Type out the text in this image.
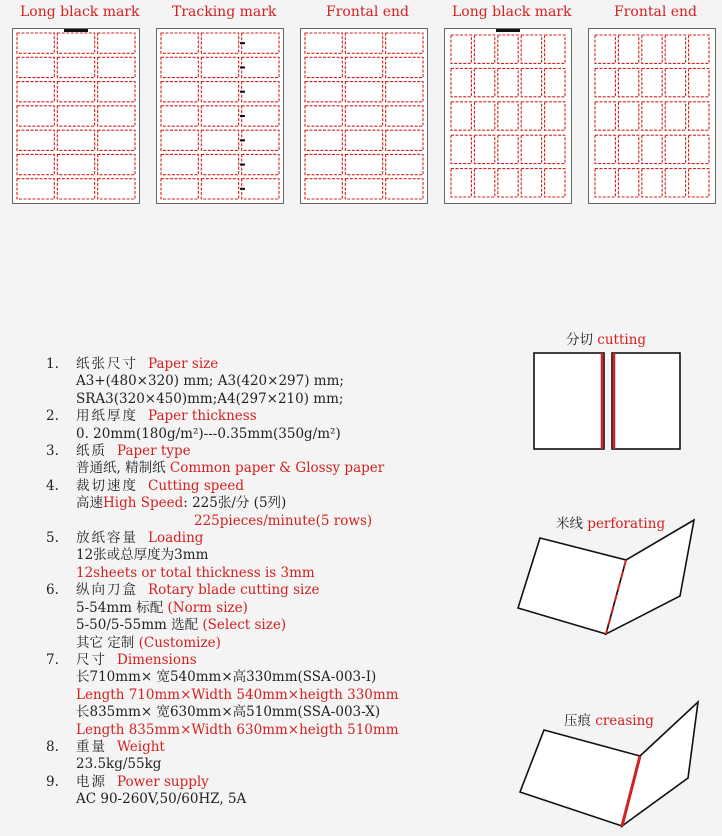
Long black mark Tracking mark	Frontal end	Long black mark	Frontal end
1.	纸张尺寸 Paper size
A3+(480×320) mm; A3(420×297) mm;
SRA3(320×450)mm;A4(297×210) mm;
2.	用纸厚度 Paper thickness
0. 20mm(180g/m²)---0.35mm(350g/m²)
3.	纸质 Paper type
普通纸, 精制纸 Common paper & Glossy paper
4.	裁切速度 Cutting speed
高速High Speed: 225张/分 (5列)
225pieces/minute(5 rows)
5.	放纸容量 Loading
12张或总厚度为3mm
12sheets or total thickness is 3mm
6.	纵向刀盒 Rotary blade cutting size
5-54mm 标配 (Norm size)
5-50/5-55mm 选配 (Select size)
其它 定制 (Customize)
7.	尺寸 Dimensions
长710mm× 宽540mm×高330mm(SSA-003-I)
Length 710mm×Width 540mm×heigth 330mm
长835mm× 宽630mm×高510mm(SSA-003-X)
Length 835mm×Width 630mm×heigth 510mm
8.	重量 Weight
23.5kg/55kg
9.	电源 Power supply
AC 90-260V,50/60HZ, 5A
分切 cutting
米线 perforating
压痕 creasing
